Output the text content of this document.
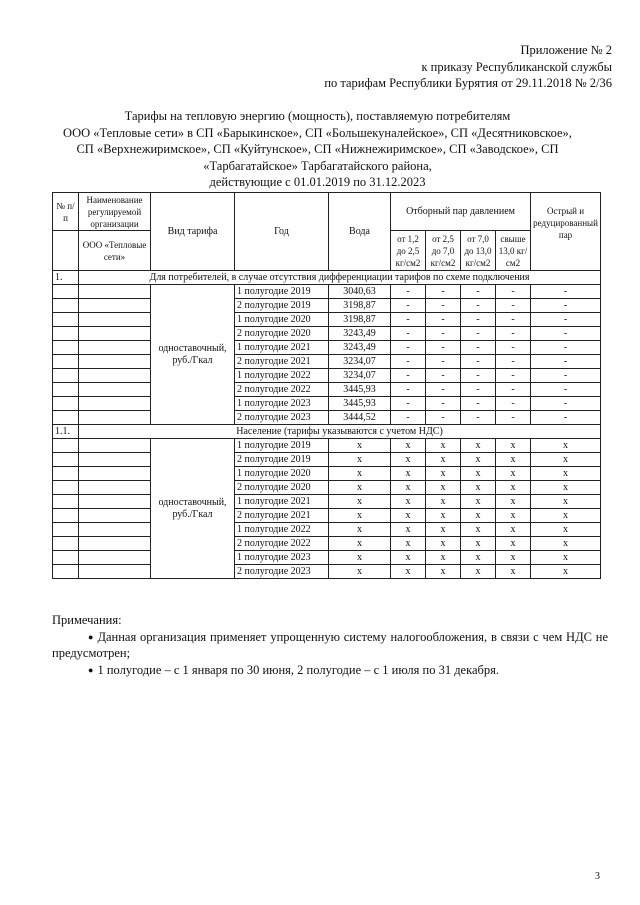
Приложение № 2
к приказу Республиканской службы
по тарифам Республики Бурятия от 29.11.2018 № 2/36
Тарифы на тепловую энергию (мощность), поставляемую потребителям
ООО «Тепловые сети» в СП «Барыкинское», СП «Большекуналейское», СП «Десятниковское»,
СП «Верхнежиримское», СП «Куйтунское», СП «Нижнежиримское», СП «Заводское», СП
«Тарбагатайское» Тарбагатайского района,
действующие с 01.01.2019 по 31.12.2023
№ п/п	Наименование регулируемой организации	Вид тарифа	Год	Вода	Отборный пар давлением				Острый и редуцированный пар
	ООО «Тепловые сети»				от 1,2 до 2,5 кг/см2	от 2,5 до 7,0 кг/см2	от 7,0 до 13,0 кг/см2	свыше 13,0 кг/см2	
1.	Для потребителей, в случае отсутствия дифференциации тарифов по схеме подключения								
		одноставочный, руб./Гкал	1 полугодие 2019	3040,63	-	-	-	-	-
			2 полугодие 2019	3198,87	-	-	-	-	-
			1 полугодие 2020	3198,87	-	-	-	-	-
			2 полугодие 2020	3243,49	-	-	-	-	-
			1 полугодие 2021	3243,49	-	-	-	-	-
			2 полугодие 2021	3234,07	-	-	-	-	-
			1 полугодие 2022	3234,07	-	-	-	-	-
			2 полугодие 2022	3445,93	-	-	-	-	-
			1 полугодие 2023	3445,93	-	-	-	-	-
			2 полугодие 2023	3444,52	-	-	-	-	-
1.1.	Население (тарифы указываются с учетом НДС)								
		одноставочный, руб./Гкал	1 полугодие 2019	x	x	x	x	x	x
			2 полугодие 2019	x	x	x	x	x	x
			1 полугодие 2020	x	x	x	x	x	x
			2 полугодие 2020	x	x	x	x	x	x
			1 полугодие 2021	x	x	x	x	x	x
			2 полугодие 2021	x	x	x	x	x	x
			1 полугодие 2022	x	x	x	x	x	x
			2 полугодие 2022	x	x	x	x	x	x
			1 полугодие 2023	x	x	x	x	x	x
			2 полугодие 2023	x	x	x	x	x	x
Примечания:
● Данная организация применяет упрощенную систему налогообложения, в связи с чем НДС не предусмотрен;
● 1 полугодие – с 1 января по 30 июня, 2 полугодие – с 1 июля по 31 декабря.
3
